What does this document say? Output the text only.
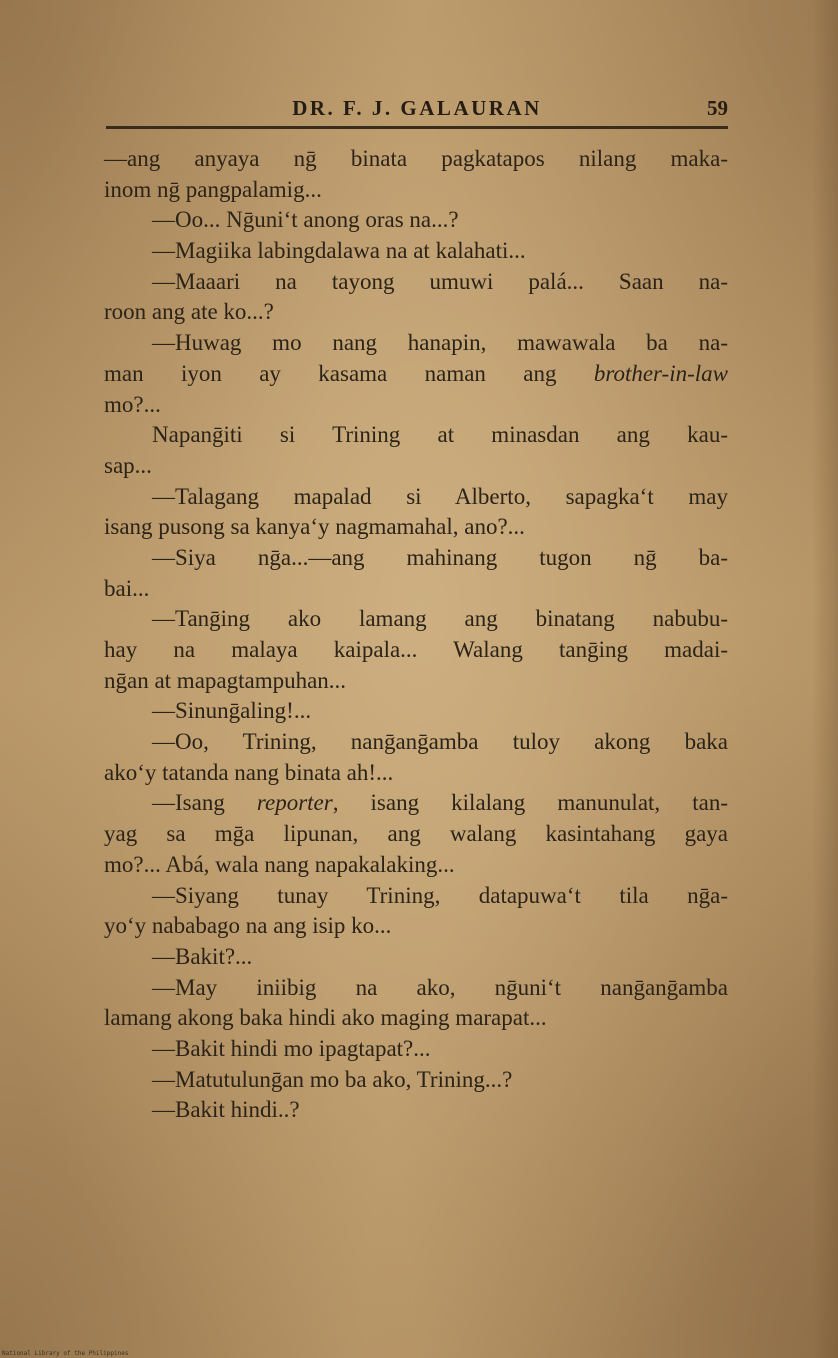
DR. F. J. GALAURAN	59
—ang anyaya nḡ binata pagkatapos nilang maka-
inom nḡ pangpalamig...
—Oo... Nḡuni‘t anong oras na...?
—Magiika labingdalawa na at kalahati...
—Maaari na tayong umuwi palá... Saan na-
roon ang ate ko...?
—Huwag mo nang hanapin, mawawala ba na-
man iyon ay kasama naman ang brother-in-law
mo?...
Napanḡiti si Trining at minasdan ang kau-
sap...
—Talagang mapalad si Alberto, sapagka‘t may
isang pusong sa kanya‘y nagmamahal, ano?...
—Siya nḡa...—ang mahinang tugon nḡ ba-
bai...
—Tanḡing ako lamang ang binatang nabubu-
hay na malaya kaipala... Walang tanḡing madai-
nḡan at mapagtampuhan...
—Sinunḡaling!...
—Oo, Trining, nanḡanḡamba tuloy akong baka
ako‘y tatanda nang binata ah!...
—Isang reporter, isang kilalang manunulat, tan-
yag sa mḡa lipunan, ang walang kasintahang gaya
mo?... Abá, wala nang napakalaking...
—Siyang tunay Trining, datapuwa‘t tila nḡa-
yo‘y nababago na ang isip ko...
—Bakit?...
—May iniibig na ako, nḡuni‘t nanḡanḡamba
lamang akong baka hindi ako maging marapat...
—Bakit hindi mo ipagtapat?...
—Matutulunḡan mo ba ako, Trining...?
—Bakit hindi..?
National Library of the Philippines
